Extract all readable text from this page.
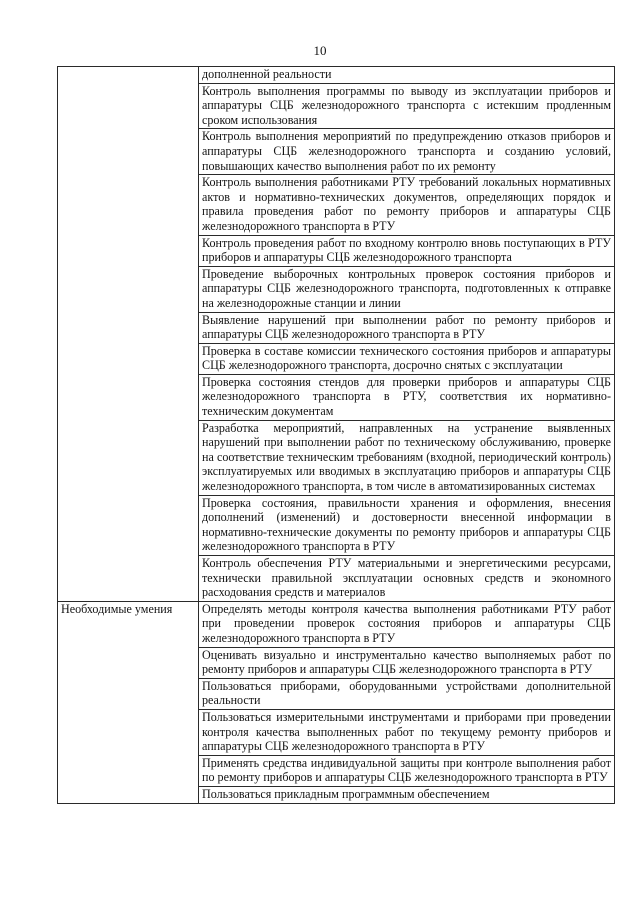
10

	дополненной реальности

	Контроль выполнения программы по выводу из эксплуатации приборов и аппаратуры СЦБ железнодорожного транспорта с истекшим продленным сроком использования

	Контроль выполнения мероприятий по предупреждению отказов приборов и аппаратуры СЦБ железнодорожного транспорта и созданию условий, повышающих качество выполнения работ по их ремонту

	Контроль выполнения работниками РТУ требований локальных нормативных актов и нормативно-технических документов, определяющих порядок и правила проведения работ по ремонту приборов и аппаратуры СЦБ железнодорожного транспорта в РТУ

	Контроль проведения работ по входному контролю вновь поступающих в РТУ приборов и аппаратуры СЦБ железнодорожного транспорта

	Проведение выборочных контрольных проверок состояния приборов и аппаратуры СЦБ железнодорожного транспорта, подготовленных к отправке на железнодорожные станции и линии

	Выявление нарушений при выполнении работ по ремонту приборов и аппаратуры СЦБ железнодорожного транспорта в РТУ

	Проверка в составе комиссии технического состояния приборов и аппаратуры СЦБ железнодорожного транспорта, досрочно снятых с эксплуатации

	Проверка состояния стендов для проверки приборов и аппаратуры СЦБ железнодорожного транспорта в РТУ, соответствия их нормативно-техническим документам

	Разработка мероприятий, направленных на устранение выявленных нарушений при выполнении работ по техническому обслуживанию, проверке на соответствие техническим требованиям (входной, периодический контроль) эксплуатируемых или вводимых в эксплуатацию приборов и аппаратуры СЦБ железнодорожного транспорта, в том числе в автоматизированных системах

	Проверка состояния, правильности хранения и оформления, внесения дополнений (изменений) и достоверности внесенной информации в нормативно-технические документы по ремонту приборов и аппаратуры СЦБ железнодорожного транспорта в РТУ

	Контроль обеспечения РТУ материальными и энергетическими ресурсами, технически правильной эксплуатации основных средств и экономного расходования средств и материалов

Необходимые умения	Определять методы контроля качества выполнения работниками РТУ работ при проведении проверок состояния приборов и аппаратуры СЦБ железнодорожного транспорта в РТУ

	Оценивать визуально и инструментально качество выполняемых работ по ремонту приборов и аппаратуры СЦБ железнодорожного транспорта в РТУ

	Пользоваться приборами, оборудованными устройствами дополнительной реальности

	Пользоваться измерительными инструментами и приборами при проведении контроля качества выполненных работ по текущему ремонту приборов и аппаратуры СЦБ железнодорожного транспорта в РТУ

	Применять средства индивидуальной защиты при контроле выполнения работ по ремонту приборов и аппаратуры СЦБ железнодорожного транспорта в РТУ

	Пользоваться прикладным программным обеспечением
